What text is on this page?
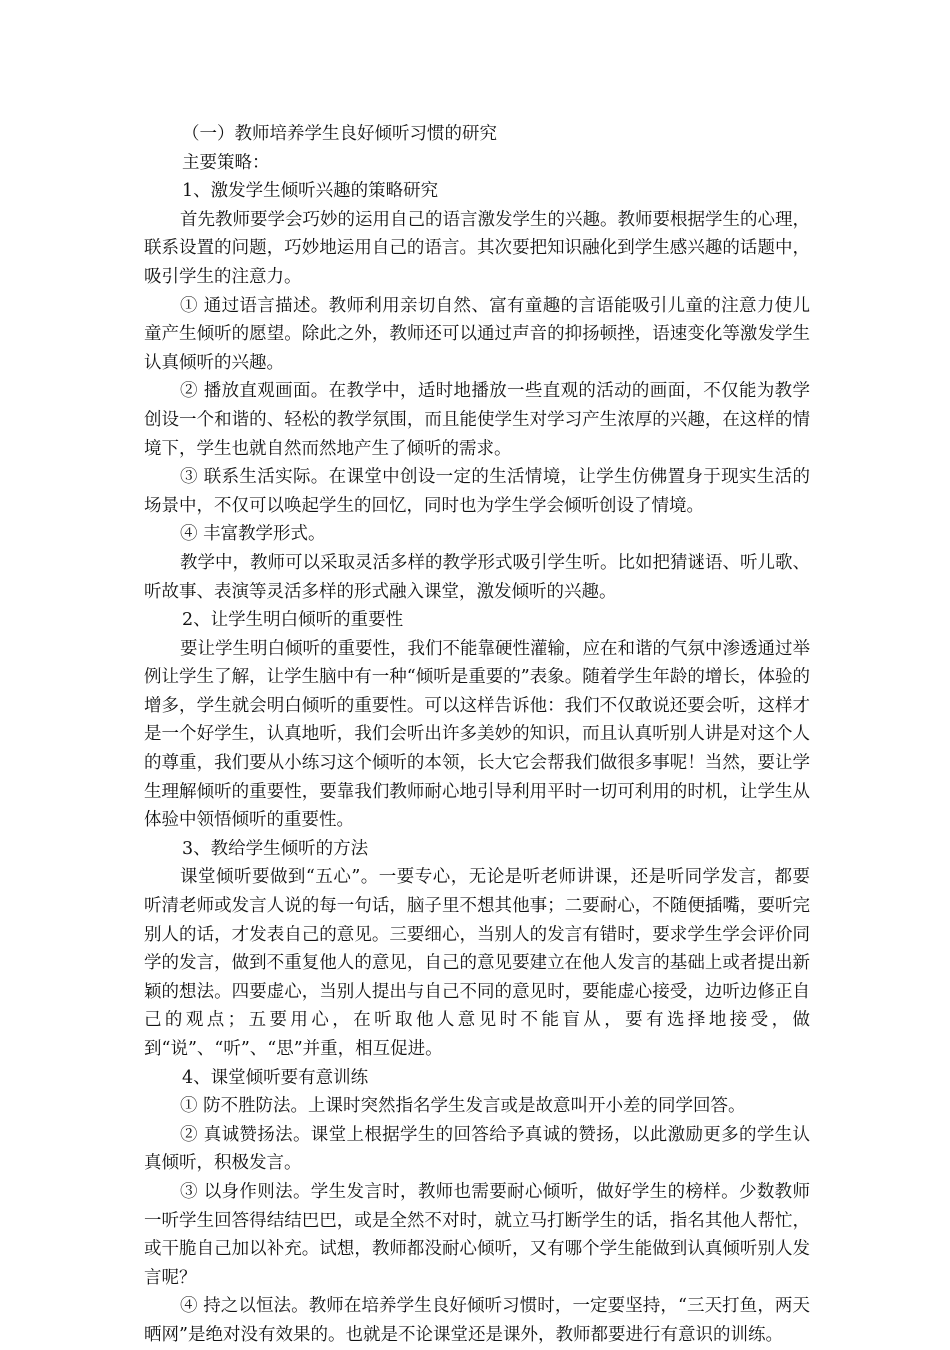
（一）教师培养学生良好倾听习惯的研究

主要策略：

1、激发学生倾听兴趣的策略研究

首先教师要学会巧妙的运用自己的语言激发学生的兴趣。教师要根据学生的心理，联系设置的问题，巧妙地运用自己的语言。其次要把知识融化到学生感兴趣的话题中，吸引学生的注意力。

① 通过语言描述。教师利用亲切自然、富有童趣的言语能吸引儿童的注意力使儿童产生倾听的愿望。除此之外，教师还可以通过声音的抑扬顿挫，语速变化等激发学生认真倾听的兴趣。

② 播放直观画面。在教学中，适时地播放一些直观的活动的画面，不仅能为教学创设一个和谐的、轻松的教学氛围，而且能使学生对学习产生浓厚的兴趣，在这样的情境下，学生也就自然而然地产生了倾听的需求。

③ 联系生活实际。在课堂中创设一定的生活情境，让学生仿佛置身于现实生活的场景中，不仅可以唤起学生的回忆，同时也为学生学会倾听创设了情境。

④ 丰富教学形式。

教学中，教师可以采取灵活多样的教学形式吸引学生听。比如把猜谜语、听儿歌、听故事、表演等灵活多样的形式融入课堂，激发倾听的兴趣。

2、让学生明白倾听的重要性

要让学生明白倾听的重要性，我们不能靠硬性灌输，应在和谐的气氛中渗透通过举例让学生了解，让学生脑中有一种“倾听是重要的”表象。随着学生年龄的增长，体验的增多，学生就会明白倾听的重要性。可以这样告诉他：我们不仅敢说还要会听，这样才是一个好学生，认真地听，我们会听出许多美妙的知识，而且认真听别人讲是对这个人的尊重，我们要从小练习这个倾听的本领，长大它会帮我们做很多事呢！当然，要让学生理解倾听的重要性，要靠我们教师耐心地引导利用平时一切可利用的时机，让学生从体验中领悟倾听的重要性。

3、教给学生倾听的方法

课堂倾听要做到“五心”。一要专心，无论是听老师讲课，还是听同学发言，都要听清老师或发言人说的每一句话，脑子里不想其他事；二要耐心，不随便插嘴，要听完别人的话，才发表自己的意见。三要细心，当别人的发言有错时，要求学生学会评价同学的发言，做到不重复他人的意见，自己的意见要建立在他人发言的基础上或者提出新颖的想法。四要虚心，当别人提出与自己不同的意见时，要能虚心接受，边听边修正自己的观点；五要用心，在听取他人意见时不能盲从，要有选择地接受，做到“说”、“听”、“思”并重，相互促进。

4、课堂倾听要有意训练

① 防不胜防法。上课时突然指名学生发言或是故意叫开小差的同学回答。

② 真诚赞扬法。课堂上根据学生的回答给予真诚的赞扬，以此激励更多的学生认真倾听，积极发言。

③ 以身作则法。学生发言时，教师也需要耐心倾听，做好学生的榜样。少数教师一听学生回答得结结巴巴，或是全然不对时，就立马打断学生的话，指名其他人帮忙，或干脆自己加以补充。试想，教师都没耐心倾听，又有哪个学生能做到认真倾听别人发言呢？

④ 持之以恒法。教师在培养学生良好倾听习惯时，一定要坚持，“三天打鱼，两天晒网”是绝对没有效果的。也就是不论课堂还是课外，教师都要进行有意识的训练。
